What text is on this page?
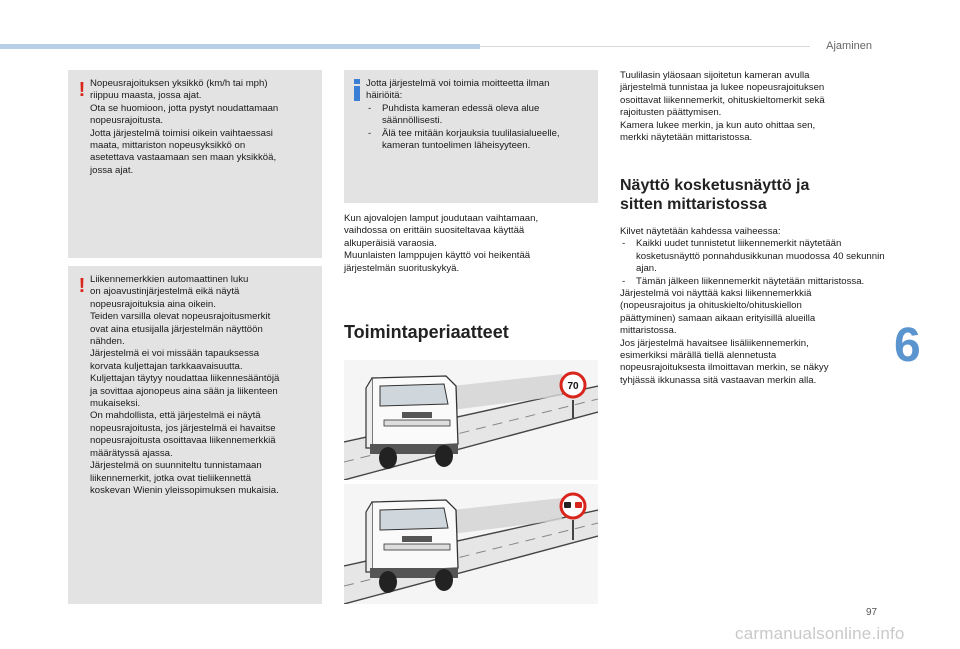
Ajaminen
! Nopeusrajoituksen yksikkö (km/h tai mph)

riippuu maasta, jossa ajat.

Ota se huomioon, jotta pystyt noudattamaan

nopeusrajoitusta.

Jotta järjestelmä toimisi oikein vaihtaessasi

maata, mittariston nopeusyksikkö on

asetettava vastaamaan sen maan yksikköä,

jossa ajat.

! Liikennemerkkien automaattinen luku

on ajoavustinjärjestelmä eikä näytä

nopeusrajoituksia aina oikein.

Teiden varsilla olevat nopeusrajoitusmerkit

ovat aina etusijalla järjestelmän näyttöön

nähden.

Järjestelmä ei voi missään tapauksessa

korvata kuljettajan tarkkaavaisuutta.

Kuljettajan täytyy noudattaa liikennesääntöjä

ja sovittaa ajonopeus aina sään ja liikenteen

mukaiseksi.

On mahdollista, että järjestelmä ei näytä

nopeusrajoitusta, jos järjestelmä ei havaitse

nopeusrajoitusta osoittavaa liikennemerkkiä

määrätyssä ajassa.

Järjestelmä on suunniteltu tunnistamaan

liikennemerkit, jotka ovat tieliikennettä

koskevan Wienin yleissopimuksen mukaisia.

Jotta järjestelmä voi toimia moitteetta ilman

häiriöitä:

- Puhdista kameran edessä oleva alue säännöllisesti.
- Älä tee mitään korjauksia tuulilasialueelle, kameran tuntoelimen läheisyyteen.

Kun ajovalojen lamput joudutaan vaihtamaan,

vaihdossa on erittäin suositeltavaa käyttää

alkuperäisiä varaosia.

Muunlaisten lamppujen käyttö voi heikentää

järjestelmän suorituskykyä.

Toimintaperiaatteet
70

Tuulilasin yläosaan sijoitetun kameran avulla

järjestelmä tunnistaa ja lukee nopeusrajoituksen

osoittavat liikennemerkit, ohituskieltomerkit sekä

rajoitusten päättymisen.

Kamera lukee merkin, ja kun auto ohittaa sen,

merkki näytetään mittaristossa.

Näyttö kosketusnäyttö ja
sitten mittaristossa

Kilvet näytetään kahdessa vaiheessa:

- Kaikki uudet tunnistetut liikennemerkit näytetään kosketusnäyttö ponnahdusikkunan muodossa 40 sekunnin ajan.
- Tämän jälkeen liikennemerkit näytetään mittaristossa.

Järjestelmä voi näyttää kaksi liikennemerkkiä

(nopeusrajoitus ja ohituskielto/ohituskiellon

päättyminen) samaan aikaan erityisillä alueilla

mittaristossa.

Jos järjestelmä havaitsee lisäliikennemerkin,

esimerkiksi märällä tiellä alennetusta

nopeusrajoituksesta ilmoittavan merkin, se näkyy

tyhjässä ikkunassa sitä vastaavan merkin alla.

6
97
carmanualsonline.info
